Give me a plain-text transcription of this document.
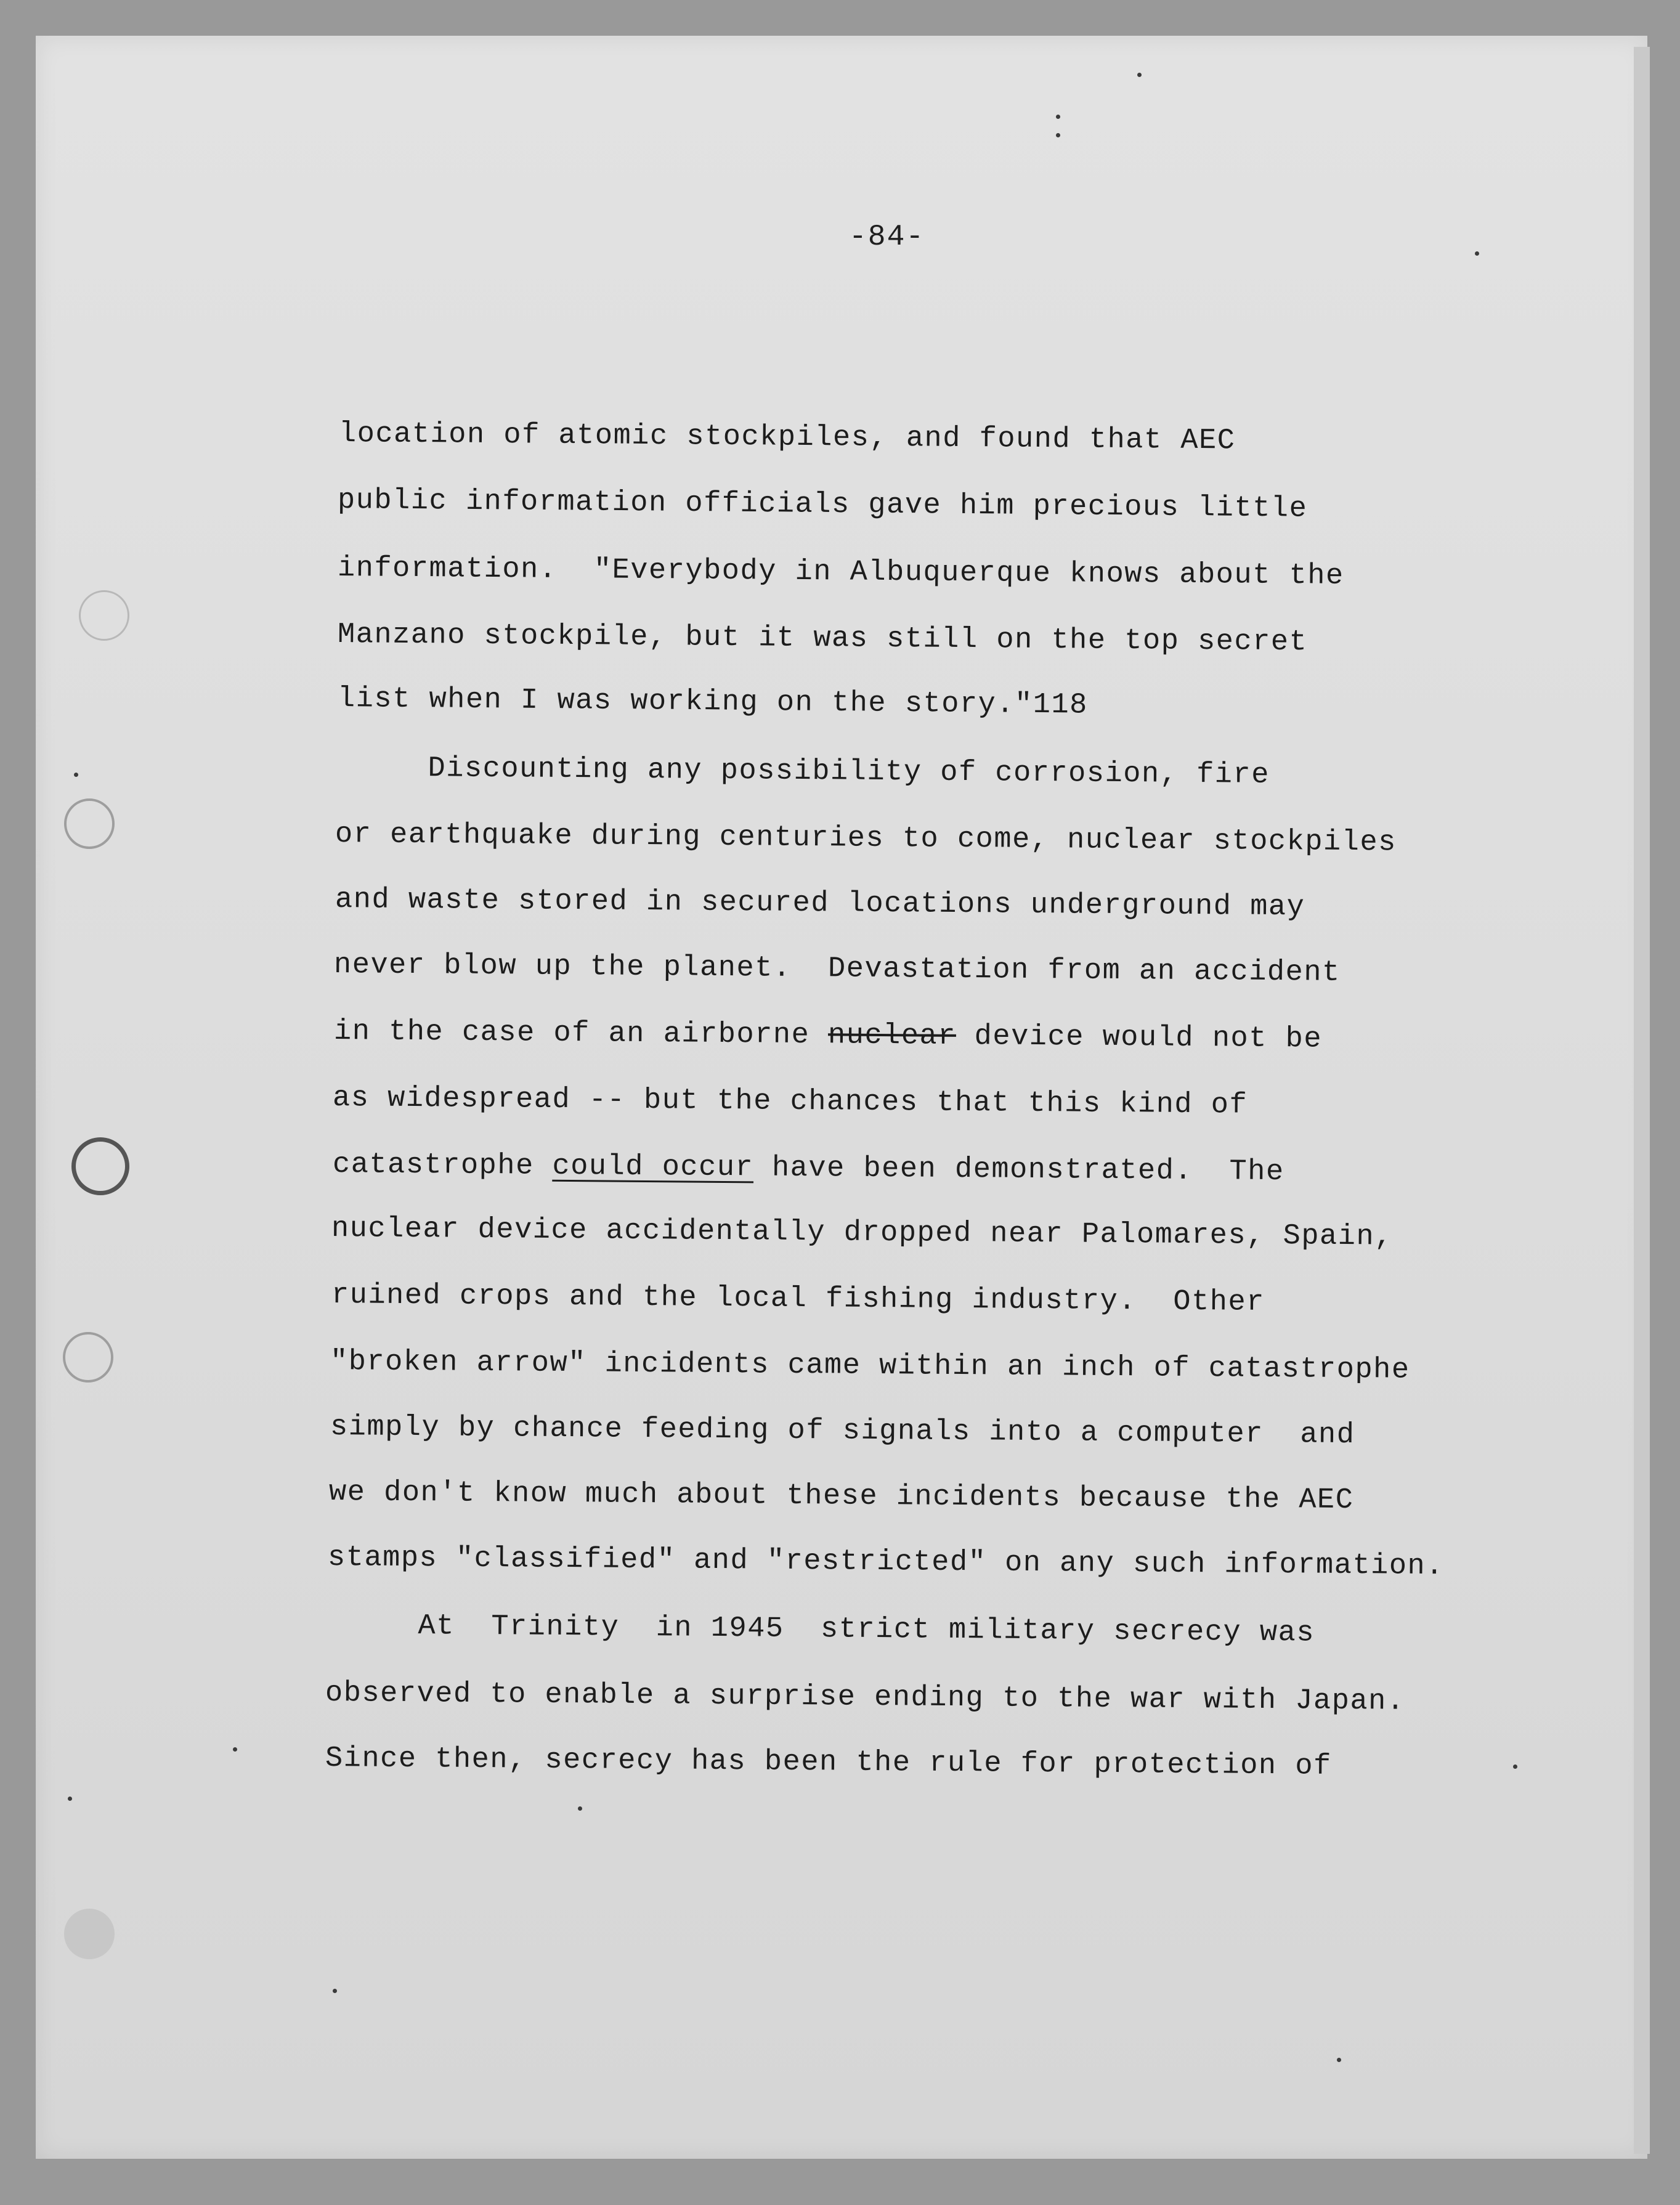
-84-
location of atomic stockpiles, and found that AEC
public information officials gave him precious little
information.  "Everybody in Albuquerque knows about the
Manzano stockpile, but it was still on the top secret
list when I was working on the story."118
Discounting any possibility of corrosion, fire
or earthquake during centuries to come, nuclear stockpiles
and waste stored in secured locations underground may
never blow up the planet.  Devastation from an accident
in the case of an airborne nuclear device would not be
as widespread -- but the chances that this kind of
catastrophe could occur have been demonstrated.  The
nuclear device accidentally dropped near Palomares, Spain,
ruined crops and the local fishing industry.  Other
"broken arrow" incidents came within an inch of catastrophe
simply by chance feeding of signals into a computer  and
we don't know much about these incidents because the AEC
stamps "classified" and "restricted" on any such information.
At  Trinity  in 1945  strict military secrecy was
observed to enable a surprise ending to the war with Japan.
Since then, secrecy has been the rule for protection of
